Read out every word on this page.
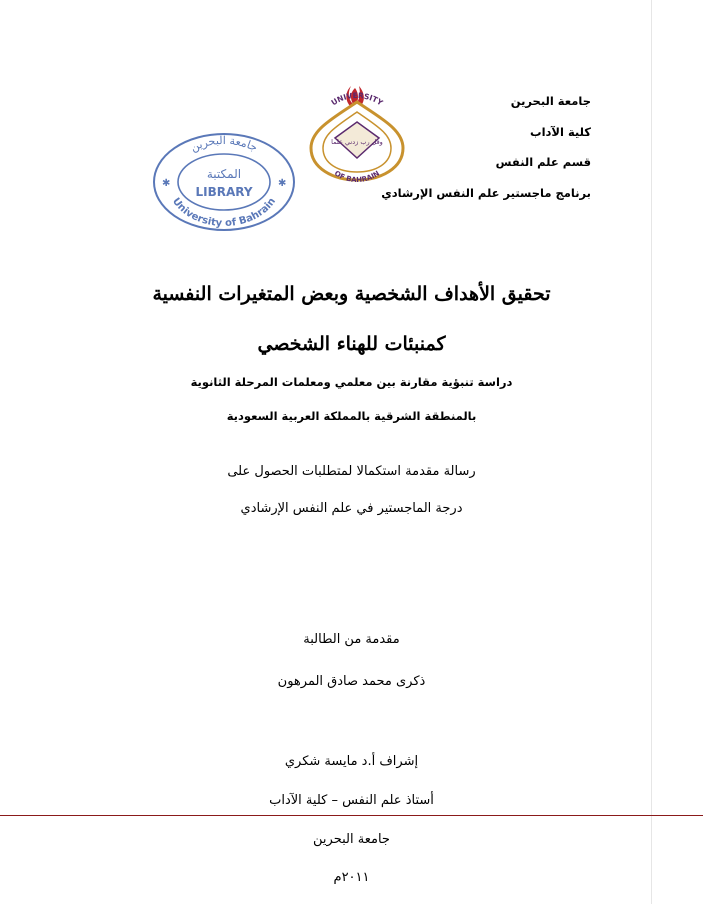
جامعة البحرين
كلية الآداب
قسم علم النفس
برنامج ماجستير علم النفس الإرشادي
UNIVERSITY
OF BAHRAIN
وقل رب زدني علما
جامعة البحرين
University of Bahrain
المكتبة
LIBRARY
✱	✱
تحقيق الأهداف الشخصية وبعض المتغيرات النفسية
كمنبئات للهناء الشخصي
دراسة تنبؤية مقارنة بين معلمي ومعلمات المرحلة الثانوية
بالمنطقة الشرقية بالمملكة العربية السعودية
رسالة مقدمة استكمالا لمتطلبات الحصول على
درجة الماجستير في علم النفس الإرشادي
مقدمة من الطالبة
ذكرى محمد صادق المرهون
إشراف أ.د مايسة شكري
أستاذ علم النفس – كلية الآداب
جامعة البحرين
٢٠١١م
